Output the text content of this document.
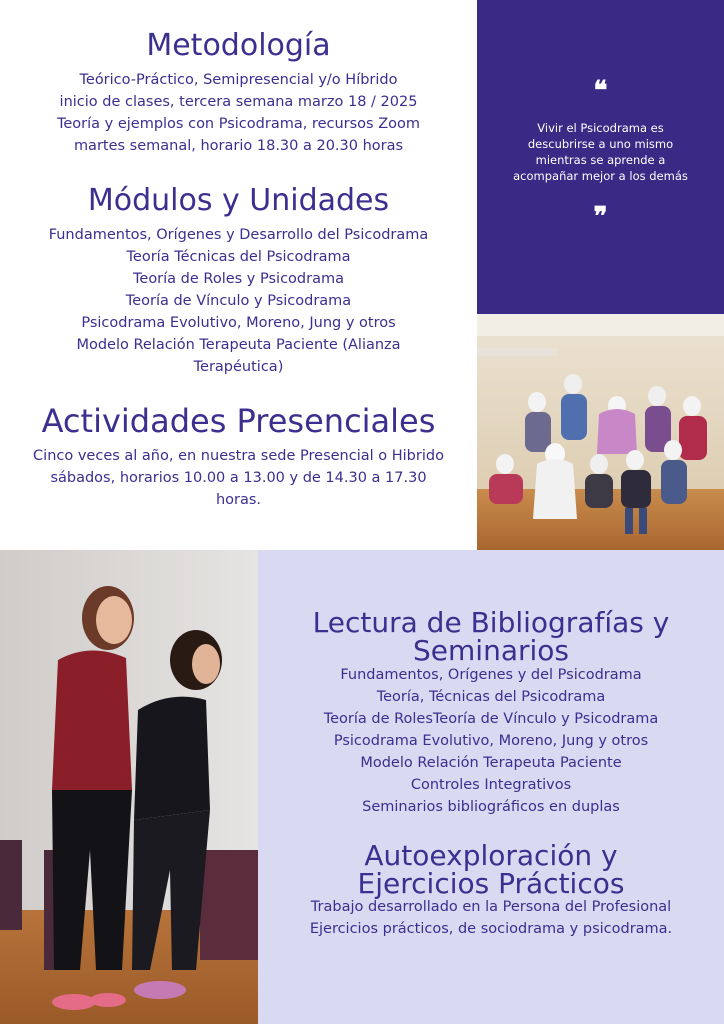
Metodología
Teórico-Práctico, Semipresencial y/o Híbrido
inicio de clases, tercera semana marzo 18 / 2025
Teoría y ejemplos con Psicodrama, recursos Zoom
martes semanal, horario 18.30 a 20.30 horas
Módulos y Unidades
Fundamentos, Orígenes y Desarrollo del Psicodrama
Teoría Técnicas del Psicodrama
Teoría de Roles y Psicodrama
Teoría de Vínculo y Psicodrama
Psicodrama Evolutivo, Moreno, Jung y otros
Modelo Relación Terapeuta Paciente (Alianza
Terapéutica)
Actividades Presenciales
Cinco veces al año, en nuestra sede Presencial o Hibrido
sábados, horarios 10.00 a 13.00 y de 14.30 a 17.30
horas.
❝
Vivir el Psicodrama es
descubrirse a uno mismo
mientras se aprende a
acompañar mejor a los demás
❞
Lectura de Bibliografías y
Seminarios
Fundamentos, Orígenes y del Psicodrama
Teoría, Técnicas del Psicodrama
Teoría de RolesTeoría de Vínculo y Psicodrama
Psicodrama Evolutivo, Moreno, Jung y otros
Modelo Relación Terapeuta Paciente
Controles Integrativos
Seminarios bibliográficos en duplas
Autoexploración y
Ejercicios Prácticos
Trabajo desarrollado en la Persona del Profesional
Ejercicios prácticos, de sociodrama y psicodrama.
